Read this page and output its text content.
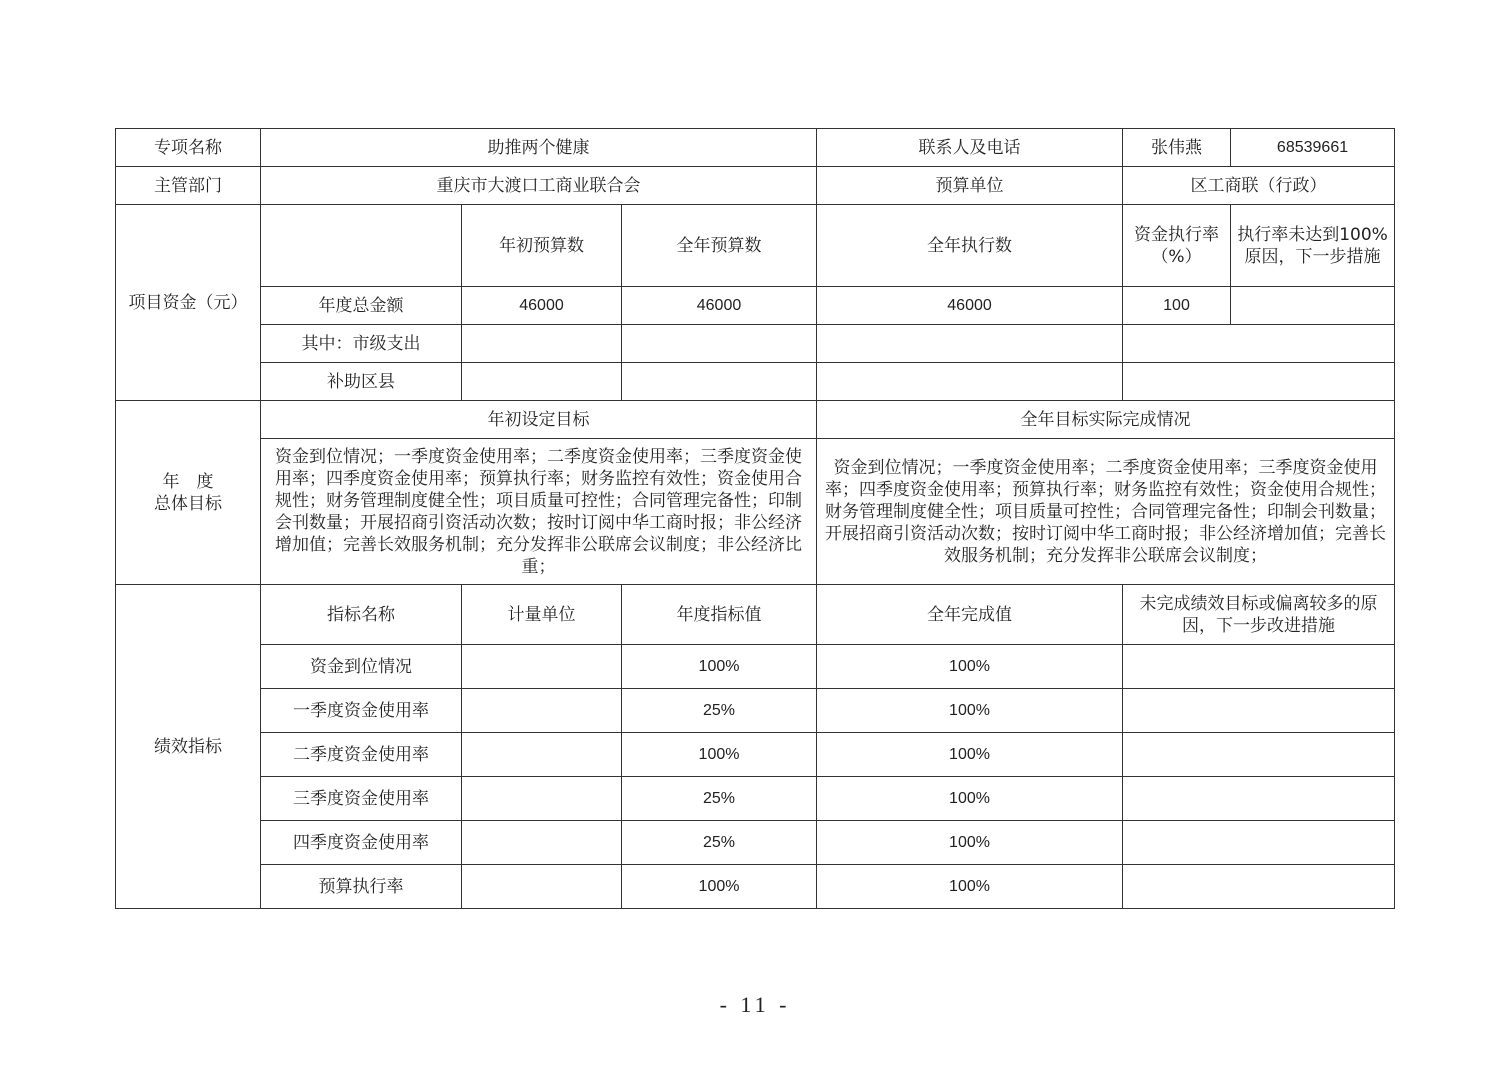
专项名称	助推两个健康			联系人及电话	张伟燕	68539661
主管部门	重庆市大渡口工商业联合会			预算单位	区工商联（行政）	
项目资金（元）		年初预算数	全年预算数	全年执行数	资金执行率（%）	执行率未达到100% 原因，下一步措施
	年度总金额	46000	46000	46000	100	
	其中：市级支出					
	补助区县					

年　度
总体目标	年初设定目标			全年目标实际完成情况		
	资金到位情况；一季度资金使用率；二季度资金使用率；三季度资金使用率；四季度资金使用率；预算执行率；财务监控有效性；资金使用合规性；财务管理制度健全性；项目质量可控性；合同管理完备性；印制会刊数量；开展招商引资活动次数；按时订阅中华工商时报；非公经济增加值；完善长效服务机制；充分发挥非公联席会议制度；非公经济比重；			资金到位情况；一季度资金使用率；二季度资金使用率；三季度资金使用率；四季度资金使用率；预算执行率；财务监控有效性；资金使用合规性；财务管理制度健全性；项目质量可控性；合同管理完备性；印制会刊数量；开展招商引资活动次数；按时订阅中华工商时报；非公经济增加值；完善长效服务机制；充分发挥非公联席会议制度；		
绩效指标	指标名称	计量单位	年度指标值	全年完成值	未完成绩效目标或偏离较多的原因，下一步改进措施	
	资金到位情况		100%	100%		
	一季度资金使用率		25%	100%		
	二季度资金使用率		100%	100%		
	三季度资金使用率		25%	100%		
	四季度资金使用率		25%	100%		
	预算执行率		100%	100%		
- 11 -
